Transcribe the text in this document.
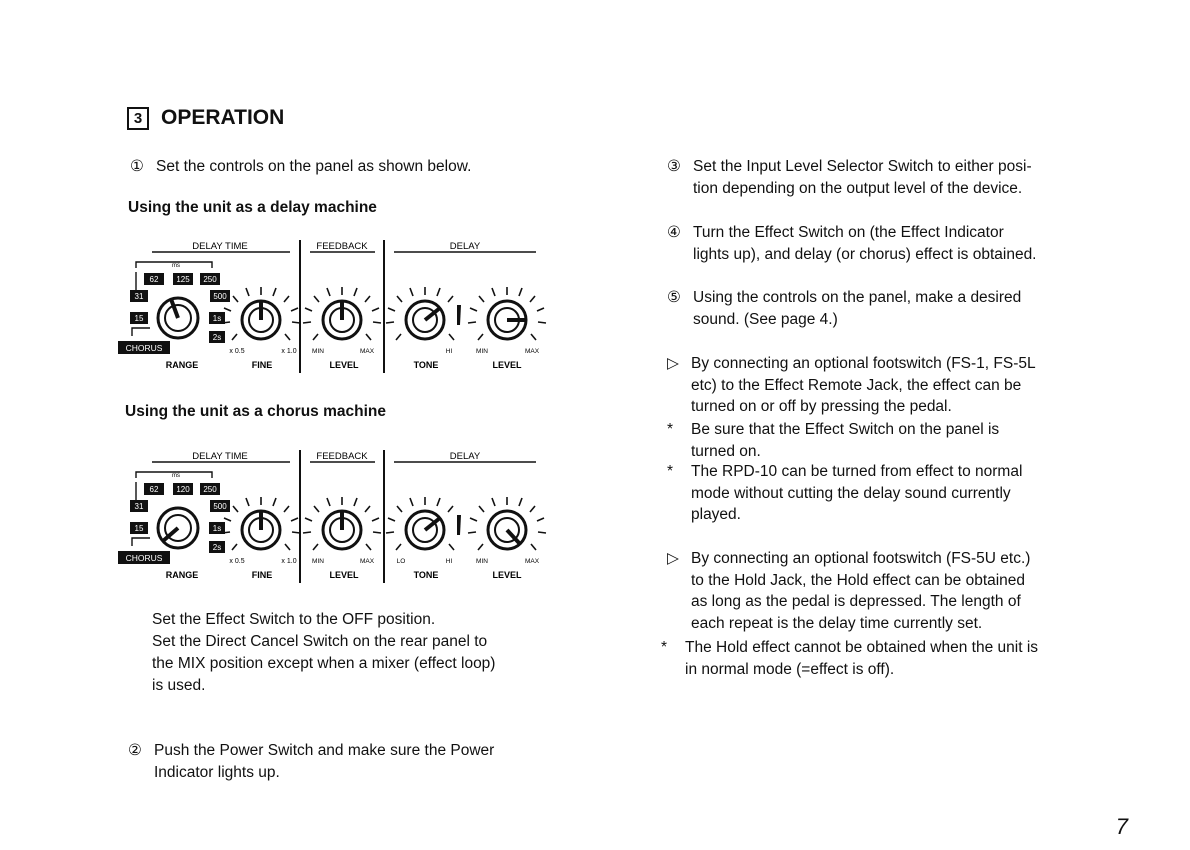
3 OPERATION
① Set the controls on the panel as shown below.
Using the unit as a delay machine
DELAY TIME	FEEDBACK	DELAY
ms
62 125 250
31	500
15	1s
2s
CHORUS	x 0.5	x 1.0 MIN	MAX	HI	MIN	MAX
RANGE	FINE	LEVEL	TONE	LEVEL
Using the unit as a chorus machine
DELAY TIME	FEEDBACK	DELAY
ms
62 120 250
31	500
15	1s
2s
CHORUS	x 0.5	x 1.0 MIN	MAX	LO	HI	MIN	MAX
RANGE	FINE	LEVEL	TONE	LEVEL
Set the Effect Switch to the OFF position.
Set the Direct Cancel Switch on the rear panel to
the MIX position except when a mixer (effect loop)
is used.
② Push the Power Switch and make sure the Power
Indicator lights up.
③ Set the Input Level Selector Switch to either posi-
tion depending on the output level of the device.
④ Turn the Effect Switch on (the Effect Indicator
lights up), and delay (or chorus) effect is obtained.
⑤ Using the controls on the panel, make a desired
sound. (See page 4.)
▷ By connecting an optional footswitch (FS-1, FS-5L
etc) to the Effect Remote Jack, the effect can be
turned on or off by pressing the pedal.
* Be sure that the Effect Switch on the panel is
turned on.
* The RPD-10 can be turned from effect to normal
mode without cutting the delay sound currently
played.
▷ By connecting an optional footswitch (FS-5U etc.)
to the Hold Jack, the Hold effect can be obtained
as long as the pedal is depressed. The length of
each repeat is the delay time currently set.
* The Hold effect cannot be obtained when the unit is
in normal mode (=effect is off).
7
